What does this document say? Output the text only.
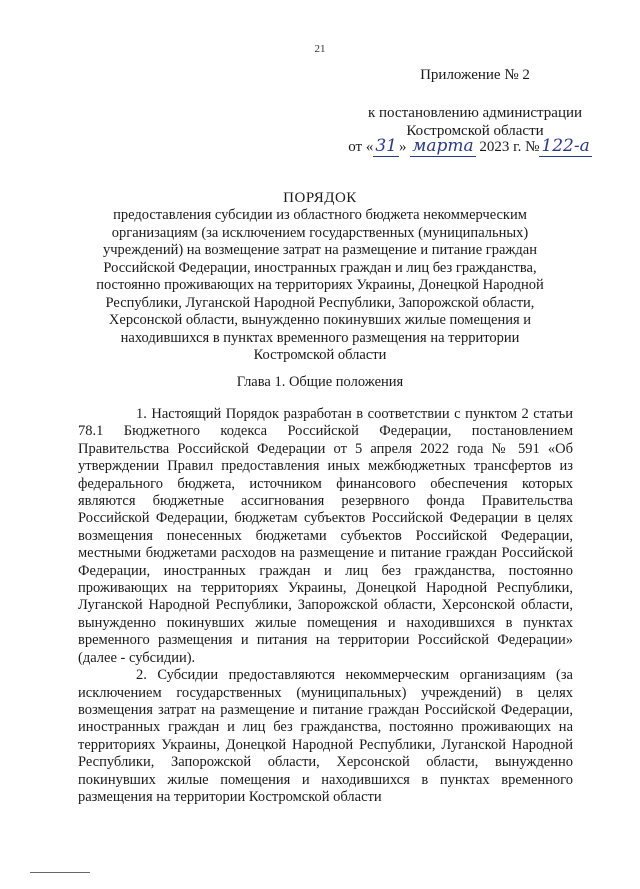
21
Приложение № 2
к постановлению администрации
Костромской области
от « 31 » марта 2023 г. № 122-а
ПОРЯДОК
предоставления субсидии из областного бюджета некоммерческим организациям (за исключением государственных (муниципальных) учреждений) на возмещение затрат на размещение и питание граждан Российской Федерации, иностранных граждан и лиц без гражданства, постоянно проживающих на территориях Украины, Донецкой Народной Республики, Луганской Народной Республики, Запорожской области, Херсонской области, вынужденно покинувших жилые помещения и находившихся в пунктах временного размещения на территории Костромской области
Глава 1. Общие положения

1. Настоящий Порядок разработан в соответствии с пунктом 2 статьи 78.1 Бюджетного кодекса Российской Федерации, постановлением Правительства Российской Федерации от 5 апреля 2022 года № 591 «Об утверждении Правил предоставления иных межбюджетных трансфертов из федерального бюджета, источником финансового обеспечения которых являются бюджетные ассигнования резервного фонда Правительства Российской Федерации, бюджетам субъектов Российской Федерации в целях возмещения понесенных бюджетами субъектов Российской Федерации, местными бюджетами расходов на размещение и питание граждан Российской Федерации, иностранных граждан и лиц без гражданства, постоянно проживающих на территориях Украины, Донецкой Народной Республики, Луганской Народной Республики, Запорожской области, Херсонской области, вынужденно покинувших жилые помещения и находившихся в пунктах временного размещения и питания на территории Российской Федерации» (далее - субсидии).

2. Субсидии предоставляются некоммерческим организациям (за исключением государственных (муниципальных) учреждений) в целях возмещения затрат на размещение и питание граждан Российской Федерации, иностранных граждан и лиц без гражданства, постоянно проживающих на территориях Украины, Донецкой Народной Республики, Луганской Народной Республики, Запорожской области, Херсонской области, вынужденно покинувших жилые помещения и находившихся в пунктах временного размещения на территории Костромской области
